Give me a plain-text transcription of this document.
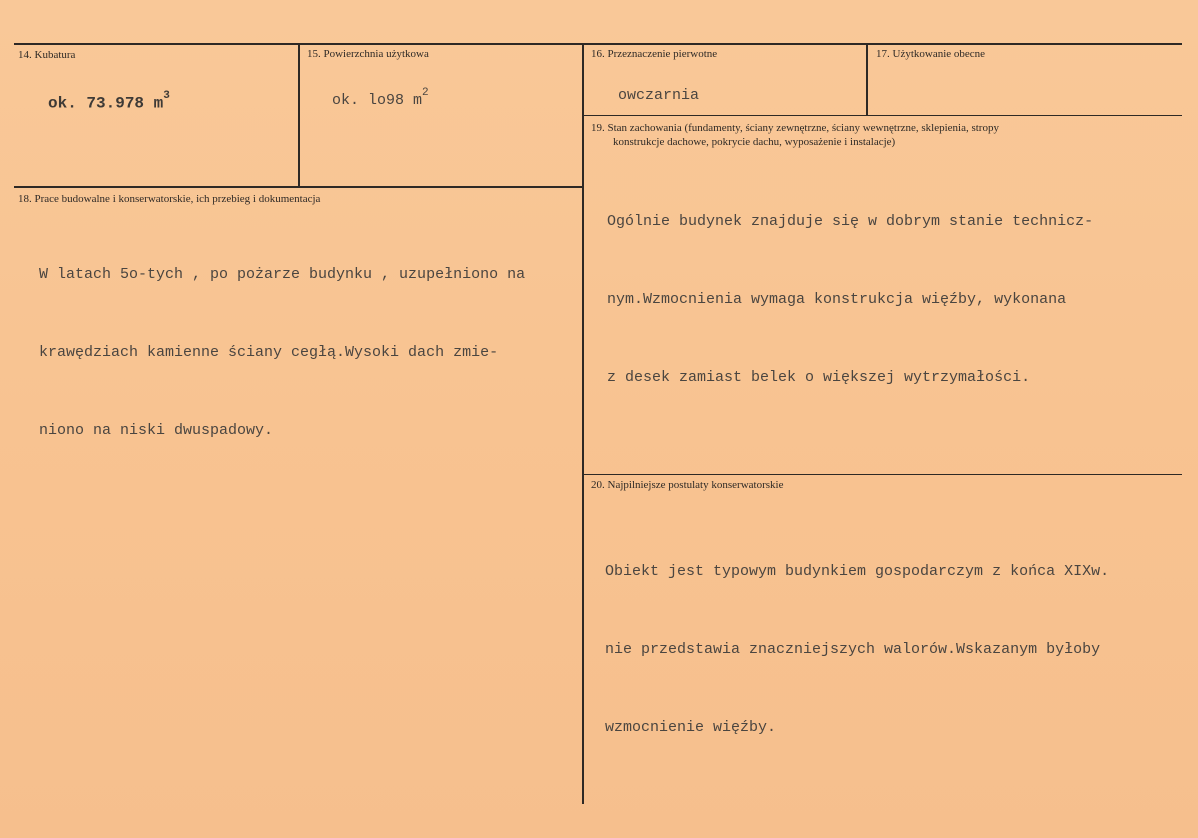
14. Kubatura
ok. 73.978 $m^3$
15. Powierzchnia użytkowa
ok. lo98 $m^2$
16. Przeznaczenie pierwotne
owczarnia
17. Użytkowanie obecne
19. Stan zachowania (fundamenty, ściany zewnętrzne, ściany wewnętrzne, sklepienia, stropy
konstrukcje dachowe, pokrycie dachu, wyposażenie i instalacje)

Ogólnie budynek znajduje się w dobrym stanie technicz-

nym.Wzmocnienia wymaga konstrukcja więźby, wykonana

z desek zamiast belek o większej wytrzymałości.

18. Prace budowalne i konserwatorskie, ich przebieg i dokumentacja

W latach 5o-tych , po pożarze budynku , uzupełniono na

krawędziach kamienne ściany cegłą.Wysoki dach zmie-

niono na niski dwuspadowy.

20. Najpilniejsze postulaty konserwatorskie

Obiekt jest typowym budynkiem gospodarczym z końca XIXw.

nie przedstawia znaczniejszych walorów.Wskazanym byłoby

wzmocnienie więźby.
